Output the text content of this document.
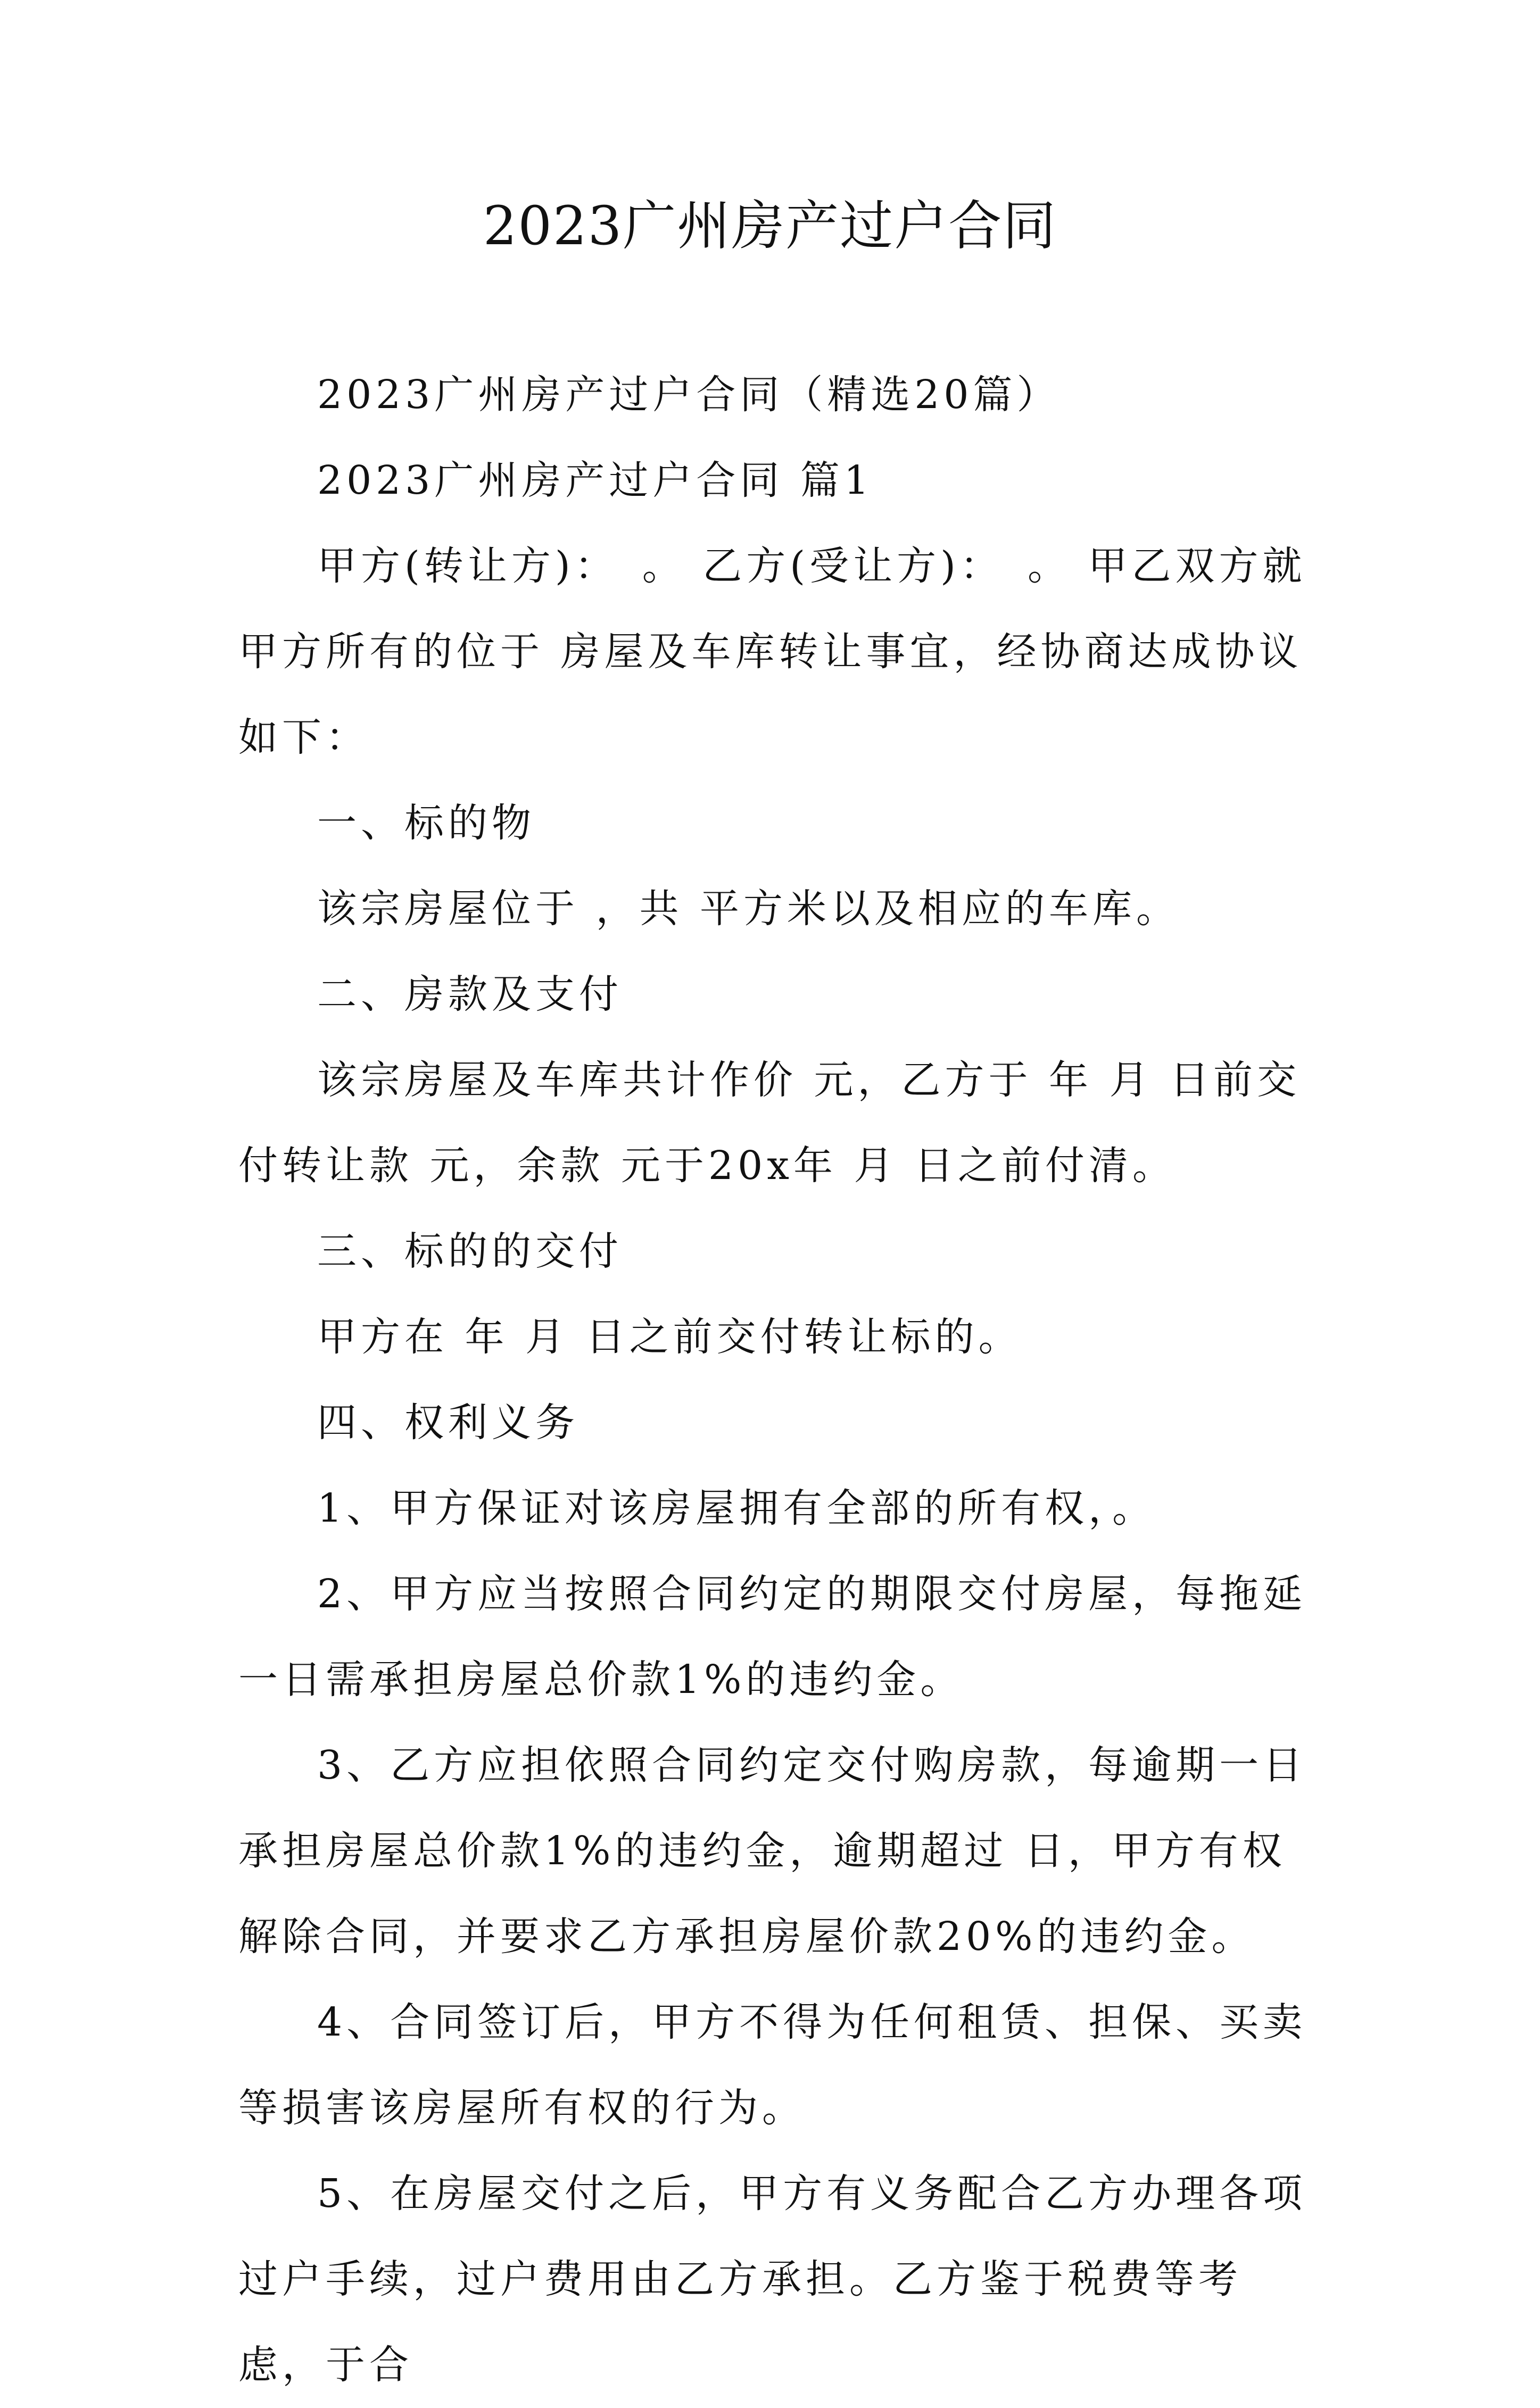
2023广州房产过户合同

2023广州房产过户合同（精选20篇）

2023广州房产过户合同 篇1

甲方(转让方)：　。 乙方(受让方)：　。 甲乙双方就甲方所有的位于 房屋及车库转让事宜，经协商达成协议如下：

一、标的物

该宗房屋位于 ，共 平方米以及相应的车库。

二、房款及支付

该宗房屋及车库共计作价 元，乙方于 年 月 日前交付转让款 元，余款 元于20x年 月 日之前付清。

三、标的的交付

甲方在 年 月 日之前交付转让标的。

四、权利义务

1、甲方保证对该房屋拥有全部的所有权，。

2、甲方应当按照合同约定的期限交付房屋，每拖延一日需承担房屋总价款1%的违约金。

3、乙方应担依照合同约定交付购房款，每逾期一日承担房屋总价款1%的违约金，逾期超过 日，甲方有权解除合同，并要求乙方承担房屋价款20%的违约金。

4、合同签订后，甲方不得为任何租赁、担保、买卖等损害该房屋所有权的行为。

5、在房屋交付之后，甲方有义务配合乙方办理各项过户手续，过户费用由乙方承担。乙方鉴于税费等考虑，于合
